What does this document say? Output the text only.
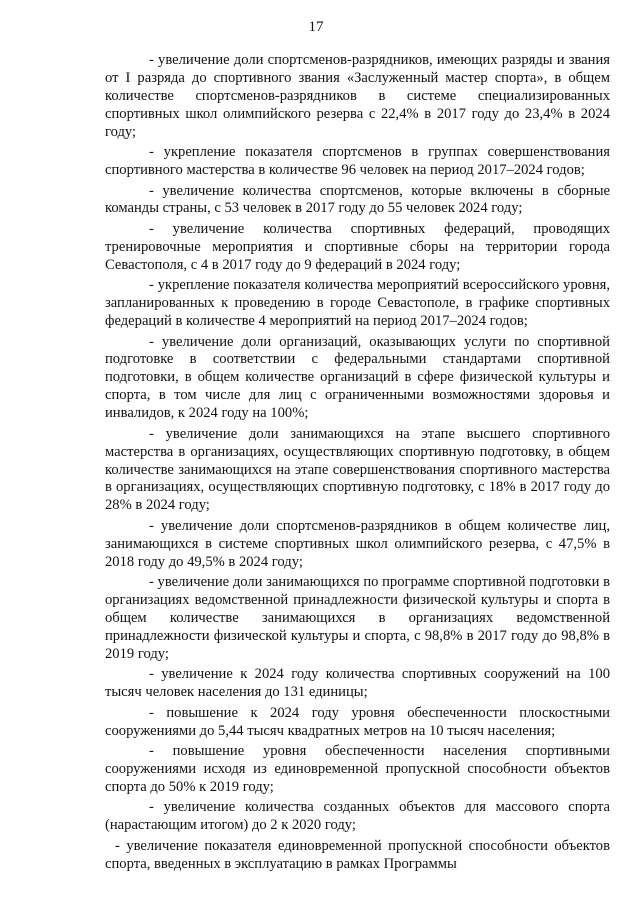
17

- увеличение доли спортсменов-разрядников, имеющих разряды и звания от I разряда до спортивного звания «Заслуженный мастер спорта», в общем количестве спортсменов-разрядников в системе специализированных спортивных школ олимпийского резерва с 22,4% в 2017 году до 23,4% в 2024 году;

- укрепление показателя спортсменов в группах совершенствования спортивного мастерства в количестве 96 человек на период 2017–2024 годов;

- увеличение количества спортсменов, которые включены в сборные команды страны, с 53 человек в 2017 году до 55 человек 2024 году;

- увеличение количества спортивных федераций, проводящих тренировочные мероприятия и спортивные сборы на территории города Севастополя, с 4 в 2017 году до 9 федераций в 2024 году;

- укрепление показателя количества мероприятий всероссийского уровня, запланированных к проведению в городе Севастополе, в графике спортивных федераций в количестве 4 мероприятий на период 2017–2024 годов;

- увеличение доли организаций, оказывающих услуги по спортивной подготовке в соответствии с федеральными стандартами спортивной подготовки, в общем количестве организаций в сфере физической культуры и спорта, в том числе для лиц с ограниченными возможностями здоровья и инвалидов, к 2024 году на 100%;

- увеличение доли занимающихся на этапе высшего спортивного мастерства в организациях, осуществляющих спортивную подготовку, в общем количестве занимающихся на этапе совершенствования спортивного мастерства в организациях, осуществляющих спортивную подготовку, с 18% в 2017 году до 28% в 2024 году;

- увеличение доли спортсменов-разрядников в общем количестве лиц, занимающихся в системе спортивных школ олимпийского резерва, с 47,5% в 2018 году до 49,5% в 2024 году;

- увеличение доли занимающихся по программе спортивной подготовки в организациях ведомственной принадлежности физической культуры и спорта в общем количестве занимающихся в организациях ведомственной принадлежности физической культуры и спорта, с 98,8% в 2017 году до 98,8% в 2019 году;

- увеличение к 2024 году количества спортивных сооружений на 100 тысяч человек населения до 131 единицы;

- повышение к 2024 году уровня обеспеченности плоскостными сооружениями до 5,44 тысяч квадратных метров на 10 тысяч населения;

- повышение уровня обеспеченности населения спортивными сооружениями исходя из единовременной пропускной способности объектов спорта до 50% к 2019 году;

- увеличение количества созданных объектов для массового спорта (нарастающим итогом) до 2 к 2020 году;

- увеличение показателя единовременной пропускной способности объектов спорта, введенных в эксплуатацию в рамках Программы
